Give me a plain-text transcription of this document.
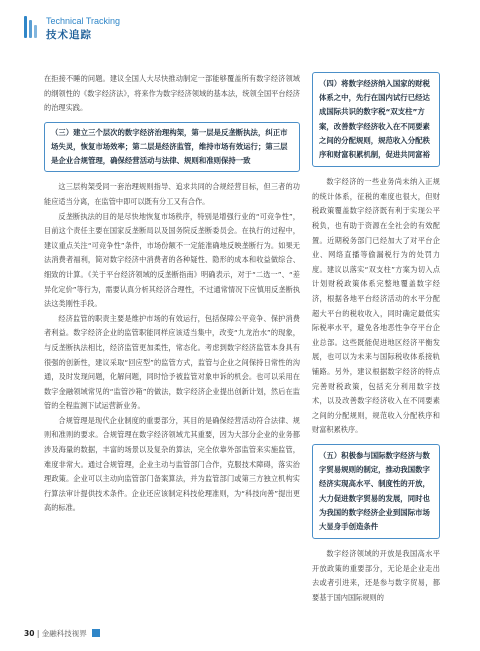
Technical Tracking
技术追踪

在拒接不睡的问题。建议全国人大尽快推动制定一部能够覆盖所有数字经济领域的纲领性的《数字经济法》，将来作为数字经济领域的基本法，统领全国平台经济的治理实践。

（三）建立三个层次的数字经济治理构架，第一层是反垄断执法，纠正市场失灵，恢复市场效率；第二层是经济监管，维持市场有效运行；第三层是企业合规管理，确保经营活动与法律、规则和准则保持一致

这三层构架受同一套治理规则指导、追求共同的合规经营目标，但三者的功能应适当分离，在监管中即可以既有分工又有合作。

反垄断执法的目的是尽快地恢复市场秩序，特别是增强行业的“可竞争性”，目前这个责任主要在国家反垄断局以及国务院反垄断委员会。在执行的过程中，建议重点关注“可竞争性”条件，市场份额不一定能准确地反映垄断行为。如果无法消费者福利，简对数字经济中消费者的各种疑性、隐形的成本和收益做综合、细致的计算。《关于平台经济领域的反垄断指南》明确表示，对于“二选一”、“差异化定价”等行为，需要认真分析其经济合理性，不过通常情况下应慎用反垄断执法这类刚性手段。

经济监管的职责主要是维护市场的有效运行，包括保障公平竞争、保护消费者利益。数字经济企业的监管职能同样应该适当集中，改变“九龙治水”的现象，与反垄断执法相比，经济监管更加柔性，常态化。考虑到数字经济监管本身具有很强的创新性，建议采取“回应型”的监管方式，监管与企业之间保持日常性的沟通，及时发现问题，化解问题，同时恰予被监管对象申诉的机会。也可以采用在数字金融领域常见的“监管沙箱”的做法，数字经济企业提出创新计划，然后在监管的全程监测下试运营新业务。

合规管理是现代企业制度的重要部分，其目的是确保经营活动符合法律、规则和准则的要求。合规管理在数字经济领域尤其重要，因为大部分企业的业务都涉及海量的数据，丰富的场景以及复杂的算法，完全依靠外部监管来实施监管，难度非常大。通过合规管理，企业主动与监管部门合作，克服技术障碍，落实治理政策。企业可以主动向监管部门备案算法，并为监管部门或第三方独立机构实行算法审计提供技术条件。企业还应该制定科技伦理准则，为“科技向善”提出更高的标准。

（四）将数字经济纳入国家的财税体系之中，先行在国内试行已经达成国际共识的数字税“双支柱”方案，改善数字经济收入在不同要素之间的分配规则，规范收入分配秩序和财富积累机制，促进共同富裕

数字经济的一些业务尚未纳入正规的统计体系，征税的难度也很大，但财税政策覆盖数字经济既有利于实现公平税负，也有助于资源在全社会的有效配置。近期税务部门已经加大了对平台企业、网络直播等偷漏税行为的处罚力度。建议以落实“双支柱”方案为切入点计划财税政策体系完整地覆盖数字经济，根据各地平台经济活动的水平分配超大平台的税收收入，同时确定最低实际税率水平，避免各地恶性争夺平台企业总部。这些既能促进地区经济平衡发展，也可以为未来与国际税收体系接轨铺路。另外，建议根据数字经济的特点完善财税政策，包括充分利用数字技术，以及改善数字经济收入在不同要素之间的分配规则，规范收入分配秩序和财富积累秩序。

（五）积极参与国际数字经济与数字贸易规则的制定，推动我国数字经济实现高水平、制度性的开放，大力促进数字贸易的发展，同时也为我国的数字经济企业到国际市场大显身手创造条件

数字经济领域的开放是我国高水平开放政策的重要部分，无论是企业走出去或者引进来，还是参与数字贸易，都要基于国内国际规则的

30 | 金融科技视界
